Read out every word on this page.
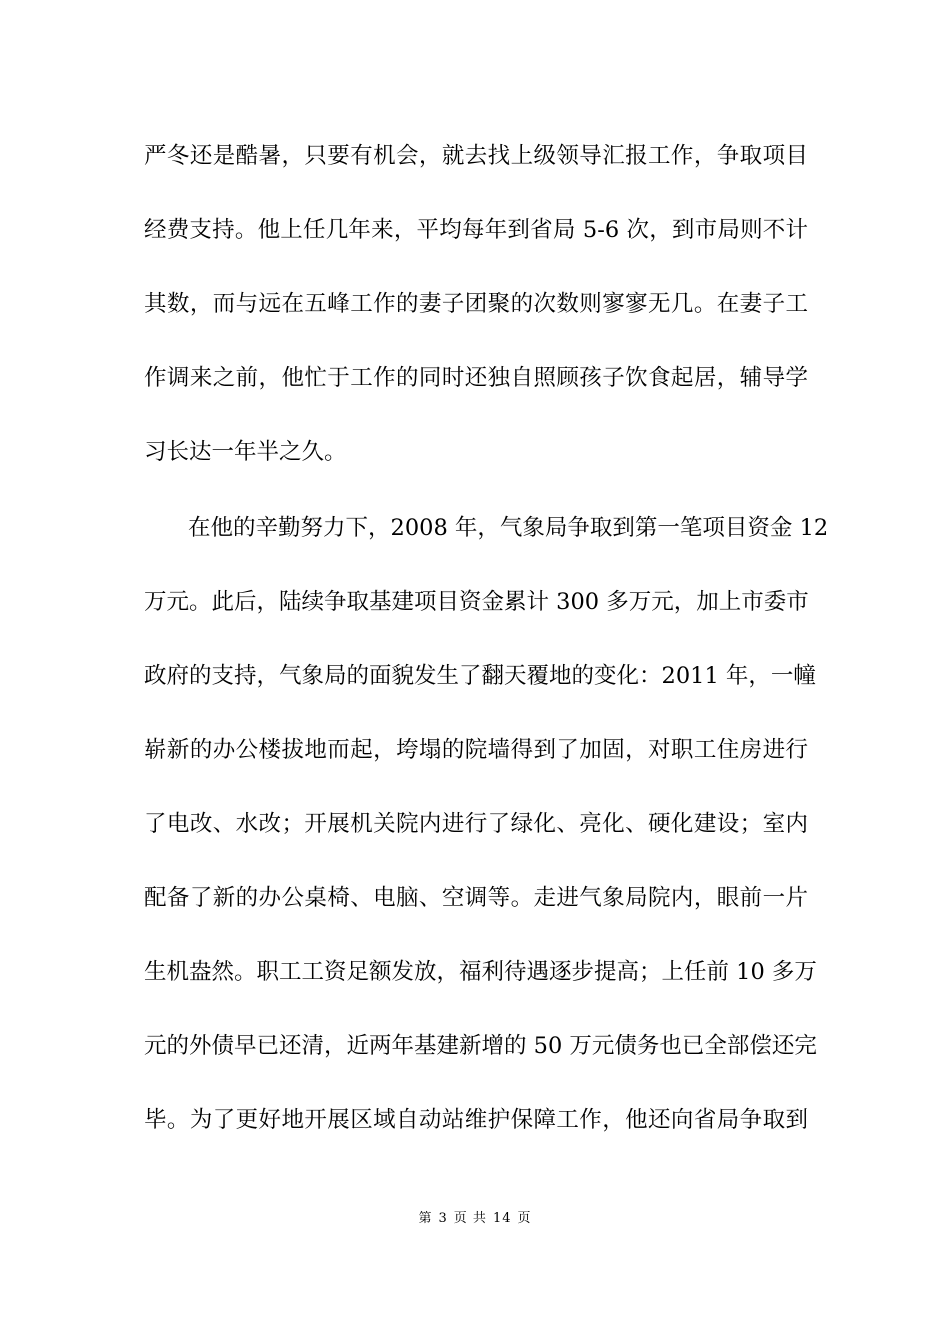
严冬还是酷暑，只要有机会，就去找上级领导汇报工作，争取项目
经费支持。他上任几年来，平均每年到省局 5-6 次，到市局则不计
其数，而与远在五峰工作的妻子团聚的次数则寥寥无几。在妻子工
作调来之前，他忙于工作的同时还独自照顾孩子饮食起居，辅导学
习长达一年半之久。
在他的辛勤努力下，2008 年，气象局争取到第一笔项目资金 12
万元。此后，陆续争取基建项目资金累计 300 多万元，加上市委市
政府的支持，气象局的面貌发生了翻天覆地的变化：2011 年，一幢
崭新的办公楼拔地而起，垮塌的院墙得到了加固，对职工住房进行
了电改、水改；开展机关院内进行了绿化、亮化、硬化建设；室内
配备了新的办公桌椅、电脑、空调等。走进气象局院内，眼前一片
生机盎然。职工工资足额发放，福利待遇逐步提高；上任前 10 多万
元的外债早已还清，近两年基建新增的 50 万元债务也已全部偿还完
毕。为了更好地开展区域自动站维护保障工作，他还向省局争取到
第 3 页 共 14 页
